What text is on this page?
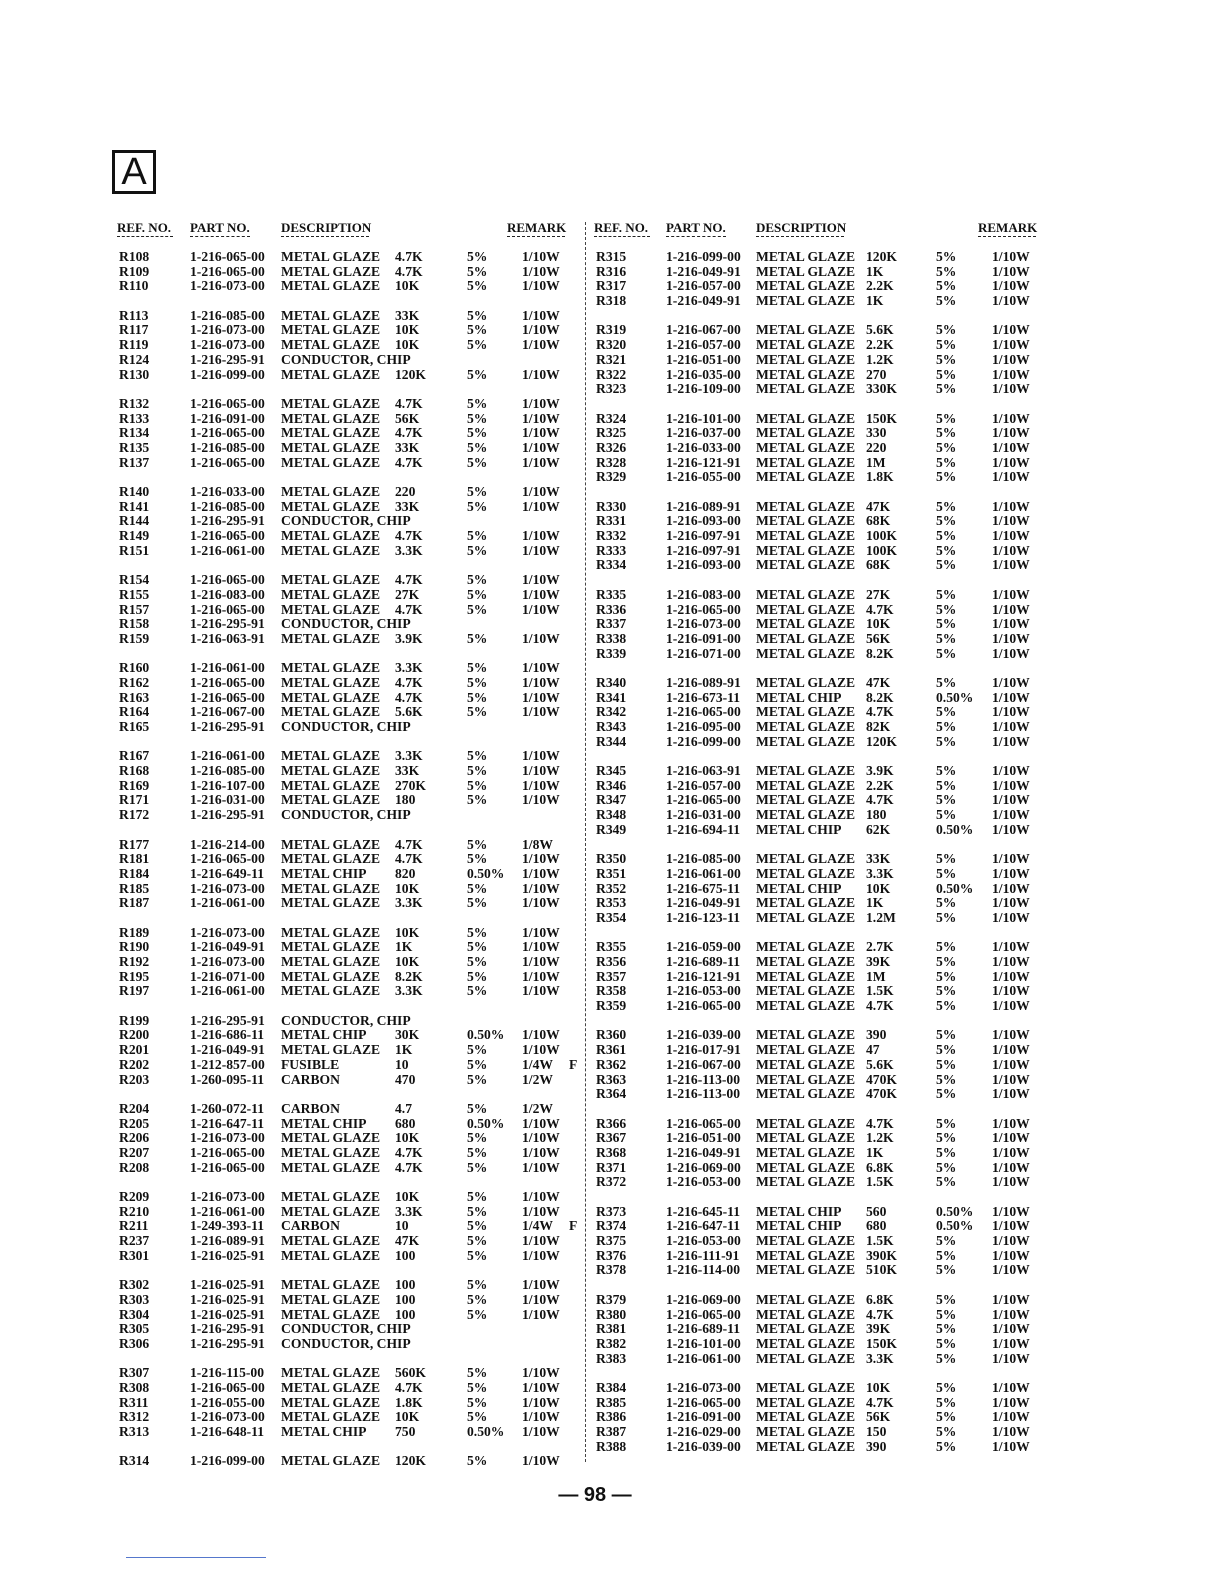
A
REF. NO. PART NO. DESCRIPTION	REMARK
R108	1-216-065-00 METAL GLAZE 4.7K	5%	1/10W
R109	1-216-065-00 METAL GLAZE 4.7K	5%	1/10W
R110	1-216-073-00 METAL GLAZE 10K	5%	1/10W
R113	1-216-085-00 METAL GLAZE 33K	5%	1/10W
R117	1-216-073-00 METAL GLAZE 10K	5%	1/10W
R119	1-216-073-00 METAL GLAZE 10K	5%	1/10W
R124	1-216-295-91 CONDUCTOR, CHIP
R130	1-216-099-00 METAL GLAZE 120K	5%	1/10W
R132	1-216-065-00 METAL GLAZE 4.7K	5%	1/10W
R133	1-216-091-00 METAL GLAZE 56K	5%	1/10W
R134	1-216-065-00 METAL GLAZE 4.7K	5%	1/10W
R135	1-216-085-00 METAL GLAZE 33K	5%	1/10W
R137	1-216-065-00 METAL GLAZE 4.7K	5%	1/10W
R140	1-216-033-00 METAL GLAZE 220	5%	1/10W
R141	1-216-085-00 METAL GLAZE 33K	5%	1/10W
R144	1-216-295-91 CONDUCTOR, CHIP
R149	1-216-065-00 METAL GLAZE 4.7K	5%	1/10W
R151	1-216-061-00 METAL GLAZE 3.3K	5%	1/10W
R154	1-216-065-00 METAL GLAZE 4.7K	5%	1/10W
R155	1-216-083-00 METAL GLAZE 27K	5%	1/10W
R157	1-216-065-00 METAL GLAZE 4.7K	5%	1/10W
R158	1-216-295-91 CONDUCTOR, CHIP
R159	1-216-063-91 METAL GLAZE 3.9K	5%	1/10W
R160	1-216-061-00 METAL GLAZE 3.3K	5%	1/10W
R162	1-216-065-00 METAL GLAZE 4.7K	5%	1/10W
R163	1-216-065-00 METAL GLAZE 4.7K	5%	1/10W
R164	1-216-067-00 METAL GLAZE 5.6K	5%	1/10W
R165	1-216-295-91 CONDUCTOR, CHIP
R167	1-216-061-00 METAL GLAZE 3.3K	5%	1/10W
R168	1-216-085-00 METAL GLAZE 33K	5%	1/10W
R169	1-216-107-00 METAL GLAZE 270K	5%	1/10W
R171	1-216-031-00 METAL GLAZE 180	5%	1/10W
R172	1-216-295-91 CONDUCTOR, CHIP
R177	1-216-214-00 METAL GLAZE 4.7K	5%	1/8W
R181	1-216-065-00 METAL GLAZE 4.7K	5%	1/10W
R184	1-216-649-11 METAL CHIP 820	0.50% 1/10W
R185	1-216-073-00 METAL GLAZE 10K	5%	1/10W
R187	1-216-061-00 METAL GLAZE 3.3K	5%	1/10W
R189	1-216-073-00 METAL GLAZE 10K	5%	1/10W
R190	1-216-049-91 METAL GLAZE 1K	5%	1/10W
R192	1-216-073-00 METAL GLAZE 10K	5%	1/10W
R195	1-216-071-00 METAL GLAZE 8.2K	5%	1/10W
R197	1-216-061-00 METAL GLAZE 3.3K	5%	1/10W
R199	1-216-295-91 CONDUCTOR, CHIP
R200	1-216-686-11 METAL CHIP 30K	0.50% 1/10W
R201	1-216-049-91 METAL GLAZE 1K	5%	1/10W
R202	1-212-857-00 FUSIBLE	10	5%	1/4W F
R203	1-260-095-11 CARBON	470	5%	1/2W
R204	1-260-072-11 CARBON	4.7	5%	1/2W
R205	1-216-647-11 METAL CHIP 680	0.50% 1/10W
R206	1-216-073-00 METAL GLAZE 10K	5%	1/10W
R207	1-216-065-00 METAL GLAZE 4.7K	5%	1/10W
R208	1-216-065-00 METAL GLAZE 4.7K	5%	1/10W
R209	1-216-073-00 METAL GLAZE 10K	5%	1/10W
R210	1-216-061-00 METAL GLAZE 3.3K	5%	1/10W
R211	1-249-393-11 CARBON	10	5%	1/4W F
R237	1-216-089-91 METAL GLAZE 47K	5%	1/10W
R301	1-216-025-91 METAL GLAZE 100	5%	1/10W
R302	1-216-025-91 METAL GLAZE 100	5%	1/10W
R303	1-216-025-91 METAL GLAZE 100	5%	1/10W
R304	1-216-025-91 METAL GLAZE 100	5%	1/10W
R305	1-216-295-91 CONDUCTOR, CHIP
R306	1-216-295-91 CONDUCTOR, CHIP
R307	1-216-115-00 METAL GLAZE 560K	5%	1/10W
R308	1-216-065-00 METAL GLAZE 4.7K	5%	1/10W
R311	1-216-055-00 METAL GLAZE 1.8K	5%	1/10W
R312	1-216-073-00 METAL GLAZE 10K	5%	1/10W
R313	1-216-648-11 METAL CHIP 750	0.50% 1/10W
R314	1-216-099-00 METAL GLAZE 120K	5%	1/10W
REF. NO. PART NO. DESCRIPTION	REMARK
R315	1-216-099-00 METAL GLAZE 120K	5%	1/10W
R316	1-216-049-91 METAL GLAZE 1K	5%	1/10W
R317	1-216-057-00 METAL GLAZE 2.2K	5%	1/10W
R318	1-216-049-91 METAL GLAZE 1K	5%	1/10W
R319	1-216-067-00 METAL GLAZE 5.6K	5%	1/10W
R320	1-216-057-00 METAL GLAZE 2.2K	5%	1/10W
R321	1-216-051-00 METAL GLAZE 1.2K	5%	1/10W
R322	1-216-035-00 METAL GLAZE 270	5%	1/10W
R323	1-216-109-00 METAL GLAZE 330K	5%	1/10W
R324	1-216-101-00 METAL GLAZE 150K	5%	1/10W
R325	1-216-037-00 METAL GLAZE 330	5%	1/10W
R326	1-216-033-00 METAL GLAZE 220	5%	1/10W
R328	1-216-121-91 METAL GLAZE 1M	5%	1/10W
R329	1-216-055-00 METAL GLAZE 1.8K	5%	1/10W
R330	1-216-089-91 METAL GLAZE 47K	5%	1/10W
R331	1-216-093-00 METAL GLAZE 68K	5%	1/10W
R332	1-216-097-91 METAL GLAZE 100K	5%	1/10W
R333	1-216-097-91 METAL GLAZE 100K	5%	1/10W
R334	1-216-093-00 METAL GLAZE 68K	5%	1/10W
R335	1-216-083-00 METAL GLAZE 27K	5%	1/10W
R336	1-216-065-00 METAL GLAZE 4.7K	5%	1/10W
R337	1-216-073-00 METAL GLAZE 10K	5%	1/10W
R338	1-216-091-00 METAL GLAZE 56K	5%	1/10W
R339	1-216-071-00 METAL GLAZE 8.2K	5%	1/10W
R340	1-216-089-91 METAL GLAZE 47K	5%	1/10W
R341	1-216-673-11 METAL CHIP 8.2K	0.50% 1/10W
R342	1-216-065-00 METAL GLAZE 4.7K	5%	1/10W
R343	1-216-095-00 METAL GLAZE 82K	5%	1/10W
R344	1-216-099-00 METAL GLAZE 120K	5%	1/10W
R345	1-216-063-91 METAL GLAZE 3.9K	5%	1/10W
R346	1-216-057-00 METAL GLAZE 2.2K	5%	1/10W
R347	1-216-065-00 METAL GLAZE 4.7K	5%	1/10W
R348	1-216-031-00 METAL GLAZE 180	5%	1/10W
R349	1-216-694-11 METAL CHIP 62K	0.50% 1/10W
R350	1-216-085-00 METAL GLAZE 33K	5%	1/10W
R351	1-216-061-00 METAL GLAZE 3.3K	5%	1/10W
R352	1-216-675-11 METAL CHIP 10K	0.50% 1/10W
R353	1-216-049-91 METAL GLAZE 1K	5%	1/10W
R354	1-216-123-11 METAL GLAZE 1.2M	5%	1/10W
R355	1-216-059-00 METAL GLAZE 2.7K	5%	1/10W
R356	1-216-689-11 METAL GLAZE 39K	5%	1/10W
R357	1-216-121-91 METAL GLAZE 1M	5%	1/10W
R358	1-216-053-00 METAL GLAZE 1.5K	5%	1/10W
R359	1-216-065-00 METAL GLAZE 4.7K	5%	1/10W
R360	1-216-039-00 METAL GLAZE 390	5%	1/10W
R361	1-216-017-91 METAL GLAZE 47	5%	1/10W
R362	1-216-067-00 METAL GLAZE 5.6K	5%	1/10W
R363	1-216-113-00 METAL GLAZE 470K	5%	1/10W
R364	1-216-113-00 METAL GLAZE 470K	5%	1/10W
R366	1-216-065-00 METAL GLAZE 4.7K	5%	1/10W
R367	1-216-051-00 METAL GLAZE 1.2K	5%	1/10W
R368	1-216-049-91 METAL GLAZE 1K	5%	1/10W
R371	1-216-069-00 METAL GLAZE 6.8K	5%	1/10W
R372	1-216-053-00 METAL GLAZE 1.5K	5%	1/10W
R373	1-216-645-11 METAL CHIP 560	0.50% 1/10W
R374	1-216-647-11 METAL CHIP 680	0.50% 1/10W
R375	1-216-053-00 METAL GLAZE 1.5K	5%	1/10W
R376	1-216-111-91 METAL GLAZE 390K	5%	1/10W
R378	1-216-114-00 METAL GLAZE 510K	5%	1/10W
R379	1-216-069-00 METAL GLAZE 6.8K	5%	1/10W
R380	1-216-065-00 METAL GLAZE 4.7K	5%	1/10W
R381	1-216-689-11 METAL GLAZE 39K	5%	1/10W
R382	1-216-101-00 METAL GLAZE 150K	5%	1/10W
R383	1-216-061-00 METAL GLAZE 3.3K	5%	1/10W
R384	1-216-073-00 METAL GLAZE 10K	5%	1/10W
R385	1-216-065-00 METAL GLAZE 4.7K	5%	1/10W
R386	1-216-091-00 METAL GLAZE 56K	5%	1/10W
R387	1-216-029-00 METAL GLAZE 150	5%	1/10W
R388	1-216-039-00 METAL GLAZE 390	5%	1/10W
— 98 —
